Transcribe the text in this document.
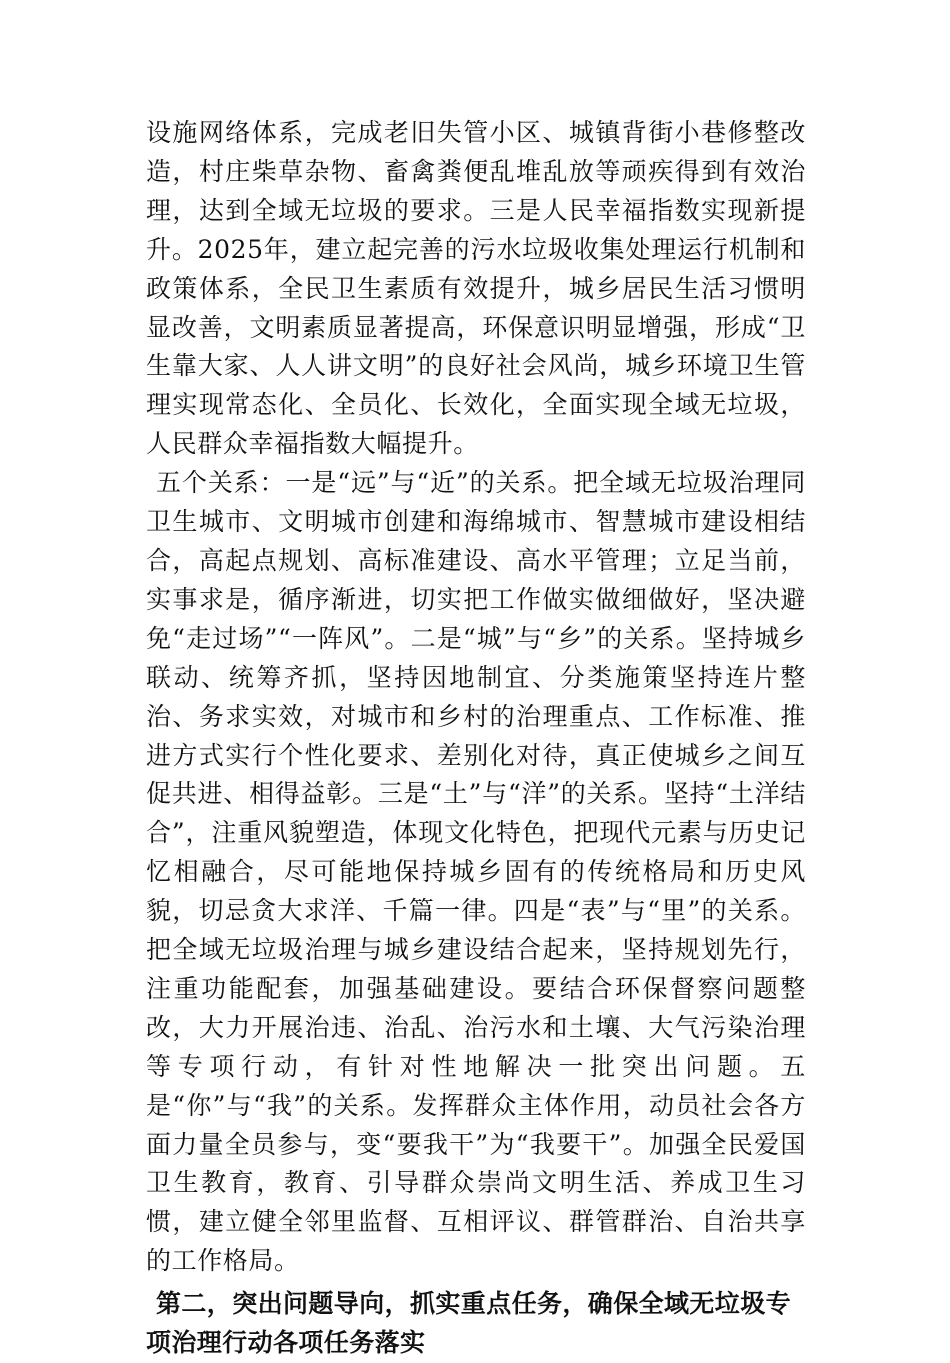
设施网络体系，完成老旧失管小区、城镇背街小巷修整改造，村庄柴草杂物、畜禽粪便乱堆乱放等顽疾得到有效治理，达到全域无垃圾的要求。三是人民幸福指数实现新提升。2025年，建立起完善的污水垃圾收集处理运行机制和政策体系，全民卫生素质有效提升，城乡居民生活习惯明显改善，文明素质显著提高，环保意识明显增强，形成“卫生靠大家、人人讲文明”的良好社会风尚，城乡环境卫生管理实现常态化、全员化、长效化，全面实现全域无垃圾，人民群众幸福指数大幅提升。

五个关系：一是“远”与“近”的关系。把全域无垃圾治理同卫生城市、文明城市创建和海绵城市、智慧城市建设相结合，高起点规划、高标准建设、高水平管理；立足当前，实事求是，循序渐进，切实把工作做实做细做好，坚决避免“走过场”“一阵风”。二是“城”与“乡”的关系。坚持城乡联动、统筹齐抓，坚持因地制宜、分类施策坚持连片整治、务求实效，对城市和乡村的治理重点、工作标准、推进方式实行个性化要求、差别化对待，真正使城乡之间互促共进、相得益彰。三是“土”与“洋”的关系。坚持“土洋结合”，注重风貌塑造，体现文化特色，把现代元素与历史记忆相融合，尽可能地保持城乡固有的传统格局和历史风貌，切忌贪大求洋、千篇一律。四是“表”与“里”的关系。把全域无垃圾治理与城乡建设结合起来，坚持规划先行，注重功能配套，加强基础建设。要结合环保督察问题整改，大力开展治违、治乱、治污水和土壤、大气污染治理等专项行动，有针对性地解决一批突出问题。五是“你”与“我”的关系。发挥群众主体作用，动员社会各方面力量全员参与，变“要我干”为“我要干”。加强全民爱国卫生教育，教育、引导群众崇尚文明生活、养成卫生习惯，建立健全邻里监督、互相评议、群管群治、自治共享的工作格局。

第二，突出问题导向，抓实重点任务，确保全域无垃圾专项治理行动各项任务落实
